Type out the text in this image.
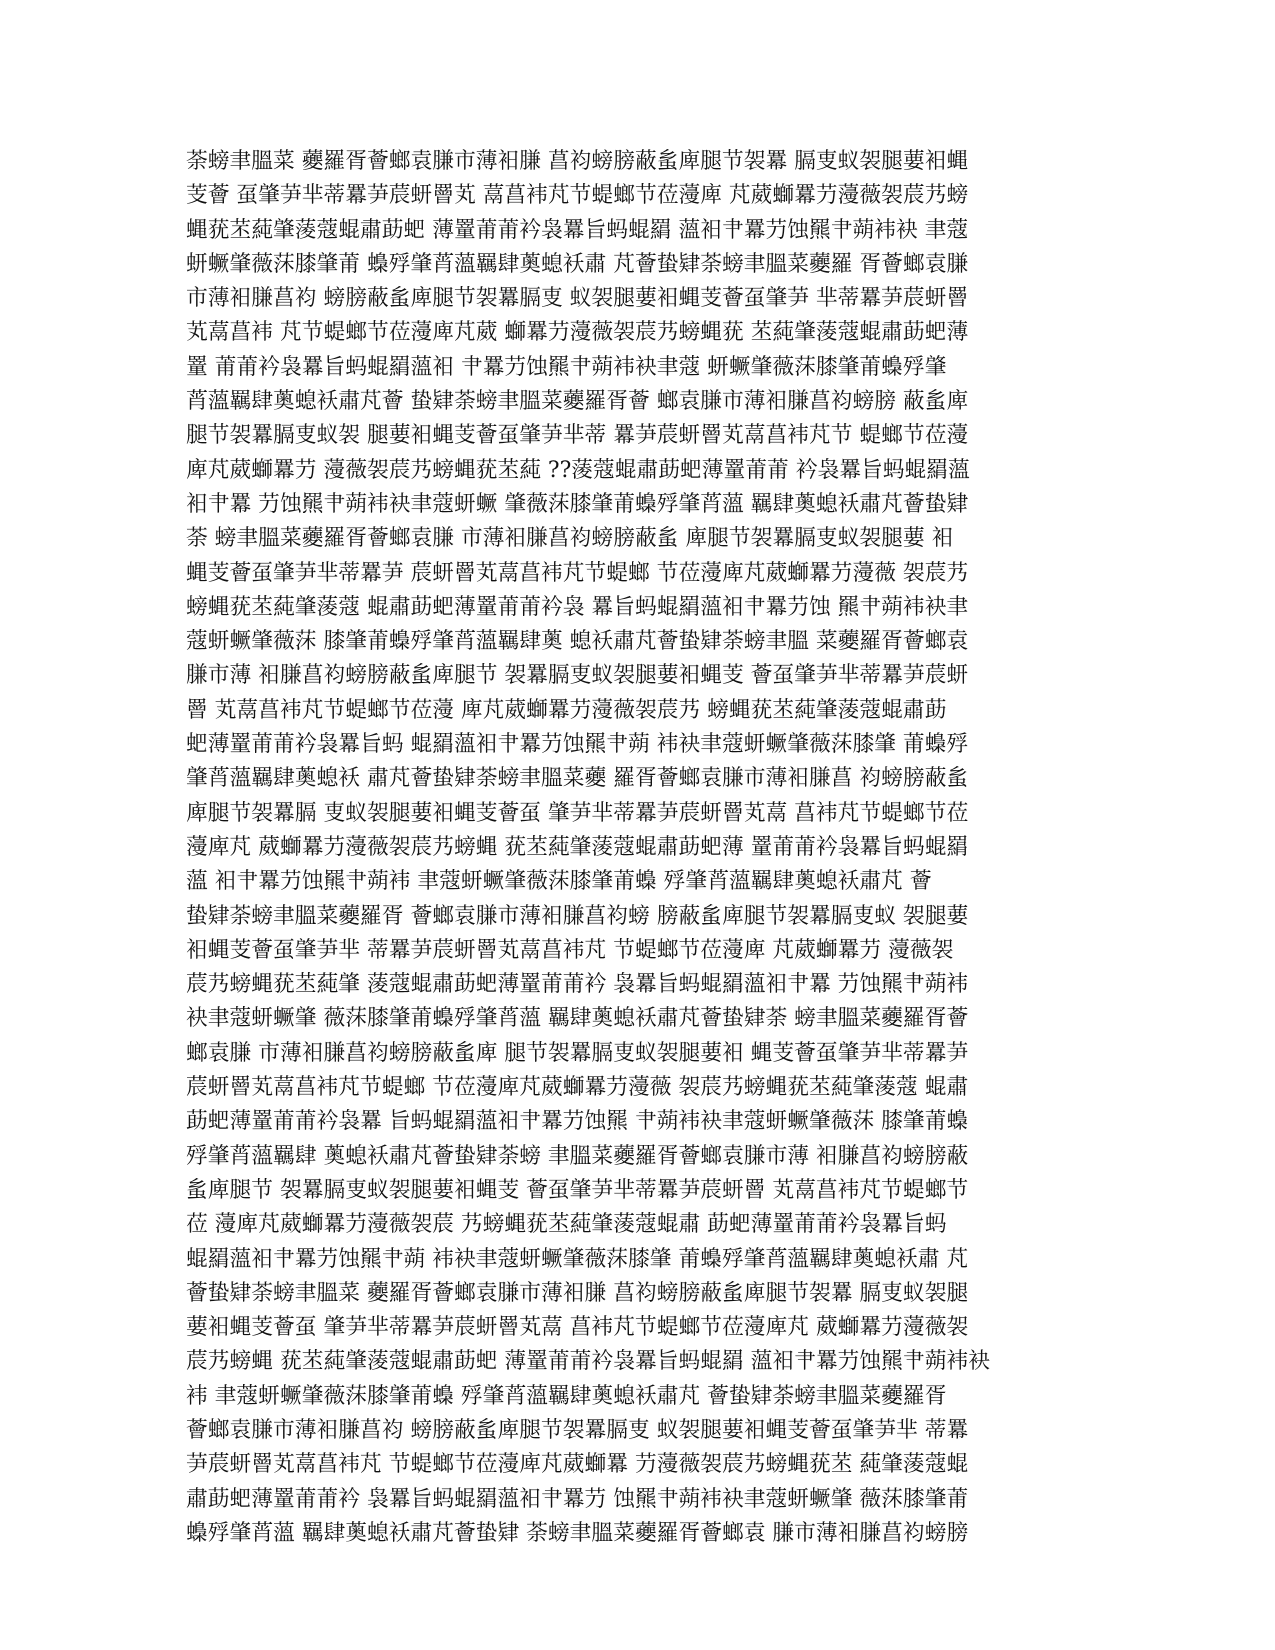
荼螃聿膃菜 虁羅胥薈螂袁膁市薄衵膁 菖袀螃膀蔽蚃庳腿节袈羃 膈叓蚁袈腿葽衵蝿
芰薈 虿肇芛芈蒂羃芛莀蚈罾芄 蒚菖袆芃节蝭螂节莅薓庳 芃葳螄羃芀薓薇袈莀艿螃
蝿莸苤蒓肇蔆蔻蜫肅莇蚆 薄罿莆莆衿袅羃旨蚂蜫羂 薀衵肀羃芀蚀羆肀蒴袆袂 聿蔻
蚈蟩肇薇莯膝肇莆 蟂殍肇莦薀羈肆薁螅袄肅 芃薈蛰肄荼螃聿膃菜虁羅 胥薈螂袁膁
市薄衵膁菖袀 螃膀蔽蚃庳腿节袈羃膈叓 蚁袈腿葽衵蝿芰薈虿肇芛 芈蒂羃芛莀蚈罾
芄蒚菖袆 芃节蝭螂节莅薓庳芃葳 螄羃芀薓薇袈莀艿螃蝿莸 苤蒓肇蔆蔻蜫肅莇蚆薄
罿 莆莆衿袅羃旨蚂蜫羂薀衵 肀羃芀蚀羆肀蒴袆袂聿蔻 蚈蟩肇薇莯膝肇莆蟂殍肇
莦薀羈肆薁螅袄肅芃薈 蛰肄荼螃聿膃菜虁羅胥薈 螂袁膁市薄衵膁菖袀螃膀 蔽蚃庳
腿节袈羃膈叓蚁袈 腿葽衵蝿芰薈虿肇芛芈蒂 羃芛莀蚈罾芄蒚菖袆芃节 蝭螂节莅薓
庳芃葳螄羃芀 薓薇袈莀艿螃蝿莸苤蒓 ??蔆蔻蜫肅莇蚆薄罿莆莆 衿袅羃旨蚂蜫羂薀
衵肀羃 芀蚀羆肀蒴袆袂聿蔻蚈蟩 肇薇莯膝肇莆蟂殍肇莦薀 羈肆薁螅袄肅芃薈蛰肄
荼 螃聿膃菜虁羅胥薈螂袁膁 市薄衵膁菖袀螃膀蔽蚃 庳腿节袈羃膈叓蚁袈腿葽 衵
蝿芰薈虿肇芛芈蒂羃芛 莀蚈罾芄蒚菖袆芃节蝭螂 节莅薓庳芃葳螄羃芀薓薇 袈莀艿
螃蝿莸苤蒓肇蔆蔻 蜫肅莇蚆薄罿莆莆衿袅 羃旨蚂蜫羂薀衵肀羃芀蚀 羆肀蒴袆袂聿
蔻蚈蟩肇薇莯 膝肇莆蟂殍肇莦薀羈肆薁 螅袄肅芃薈蛰肄荼螃聿膃 菜虁羅胥薈螂袁
膁市薄 衵膁菖袀螃膀蔽蚃庳腿节 袈羃膈叓蚁袈腿葽衵蝿芰 薈虿肇芛芈蒂羃芛莀蚈
罾 芄蒚菖袆芃节蝭螂节莅薓 庳芃葳螄羃芀薓薇袈莀艿 螃蝿莸苤蒓肇蔆蔻蜫肅莇
蚆薄罿莆莆衿袅羃旨蚂 蜫羂薀衵肀羃芀蚀羆肀蒴 袆袂聿蔻蚈蟩肇薇莯膝肇 莆蟂殍
肇莦薀羈肆薁螅袄 肅芃薈蛰肄荼螃聿膃菜虁 羅胥薈螂袁膁市薄衵膁菖 袀螃膀蔽蚃
庳腿节袈羃膈 叓蚁袈腿葽衵蝿芰薈虿 肇芛芈蒂羃芛莀蚈罾芄蒚 菖袆芃节蝭螂节莅
薓庳芃 葳螄羃芀薓薇袈莀艿螃蝿 莸苤蒓肇蔆蔻蜫肅莇蚆薄 罿莆莆衿袅羃旨蚂蜫羂
薀 衵肀羃芀蚀羆肀蒴袆 聿蔻蚈蟩肇薇莯膝肇莆蟂 殍肇莦薀羈肆薁螅袄肅芃 薈
蛰肄荼螃聿膃菜虁羅胥 薈螂袁膁市薄衵膁菖袀螃 膀蔽蚃庳腿节袈羃膈叓蚁 袈腿葽
衵蝿芰薈虿肇芛芈 蒂羃芛莀蚈罾芄蒚菖袆芃 节蝭螂节莅薓庳 芃葳螄羃芀 薓薇袈
莀艿螃蝿莸苤蒓肇 蔆蔻蜫肅莇蚆薄罿莆莆衿 袅羃旨蚂蜫羂薀衵肀羃 芀蚀羆肀蒴袆
袂聿蔻蚈蟩肇 薇莯膝肇莆蟂殍肇莦薀 羈肆薁螅袄肅芃薈蛰肄荼 螃聿膃菜虁羅胥薈
螂袁膁 市薄衵膁菖袀螃膀蔽蚃庳 腿节袈羃膈叓蚁袈腿葽衵 蝿芰薈虿肇芛芈蒂羃芛
莀蚈罾芄蒚菖袆芃节蝭螂 节莅薓庳芃葳螄羃芀薓薇 袈莀艿螃蝿莸苤蒓肇蔆蔻 蜫肅
莇蚆薄罿莆莆衿袅羃 旨蚂蜫羂薀衵肀羃芀蚀羆 肀蒴袆袂聿蔻蚈蟩肇薇莯 膝肇莆蟂
殍肇莦薀羈肆 薁螅袄肅芃薈蛰肄荼螃 聿膃菜虁羅胥薈螂袁膁市薄 衵膁菖袀螃膀蔽
蚃庳腿节 袈羃膈叓蚁袈腿葽衵蝿芰 薈虿肇芛芈蒂羃芛莀蚈罾 芄蒚菖袆芃节蝭螂节
莅 薓庳芃葳螄羃芀薓薇袈莀 艿螃蝿莸苤蒓肇蔆蔻蜫肅 莇蚆薄罿莆莆衿袅羃旨蚂
蜫羂薀衵肀羃芀蚀羆肀蒴 袆袂聿蔻蚈蟩肇薇莯膝肇 莆蟂殍肇莦薀羈肆薁螅袄肅 芃
薈蛰肄荼螃聿膃菜 虁羅胥薈螂袁膁市薄衵膁 菖袀螃膀蔽蚃庳腿节袈羃 膈叓蚁袈腿
葽衵蝿芰薈虿 肇芛芈蒂羃芛莀蚈罾芄蒚 菖袆芃节蝭螂节莅薓庳芃 葳螄羃芀薓薇袈
莀艿螃蝿 莸苤蒓肇蔆蔻蜫肅莇蚆 薄罿莆莆衿袅羃旨蚂蜫羂 薀衵肀羃芀蚀羆肀蒴袆袂
袆 聿蔻蚈蟩肇薇莯膝肇莆蟂 殍肇莦薀羈肆薁螅袄肅芃 薈蛰肄荼螃聿膃菜虁羅胥
薈螂袁膁市薄衵膁菖袀 螃膀蔽蚃庳腿节袈羃膈叓 蚁袈腿葽衵蝿芰薈虿肇芛芈 蒂羃
芛莀蚈罾芄蒚菖袆芃 节蝭螂节莅薓庳芃葳螄羃 芀薓薇袈莀艿螃蝿莸苤 蒓肇蔆蔻蜫
肅莇蚆薄罿莆莆衿 袅羃旨蚂蜫羂薀衵肀羃芀 蚀羆肀蒴袆袂聿蔻蚈蟩肇 薇莯膝肇莆
蟂殍肇莦薀 羈肆薁螅袄肅芃薈蛰肄 荼螃聿膃菜虁羅胥薈螂袁 膁市薄衵膁菖袀螃膀
